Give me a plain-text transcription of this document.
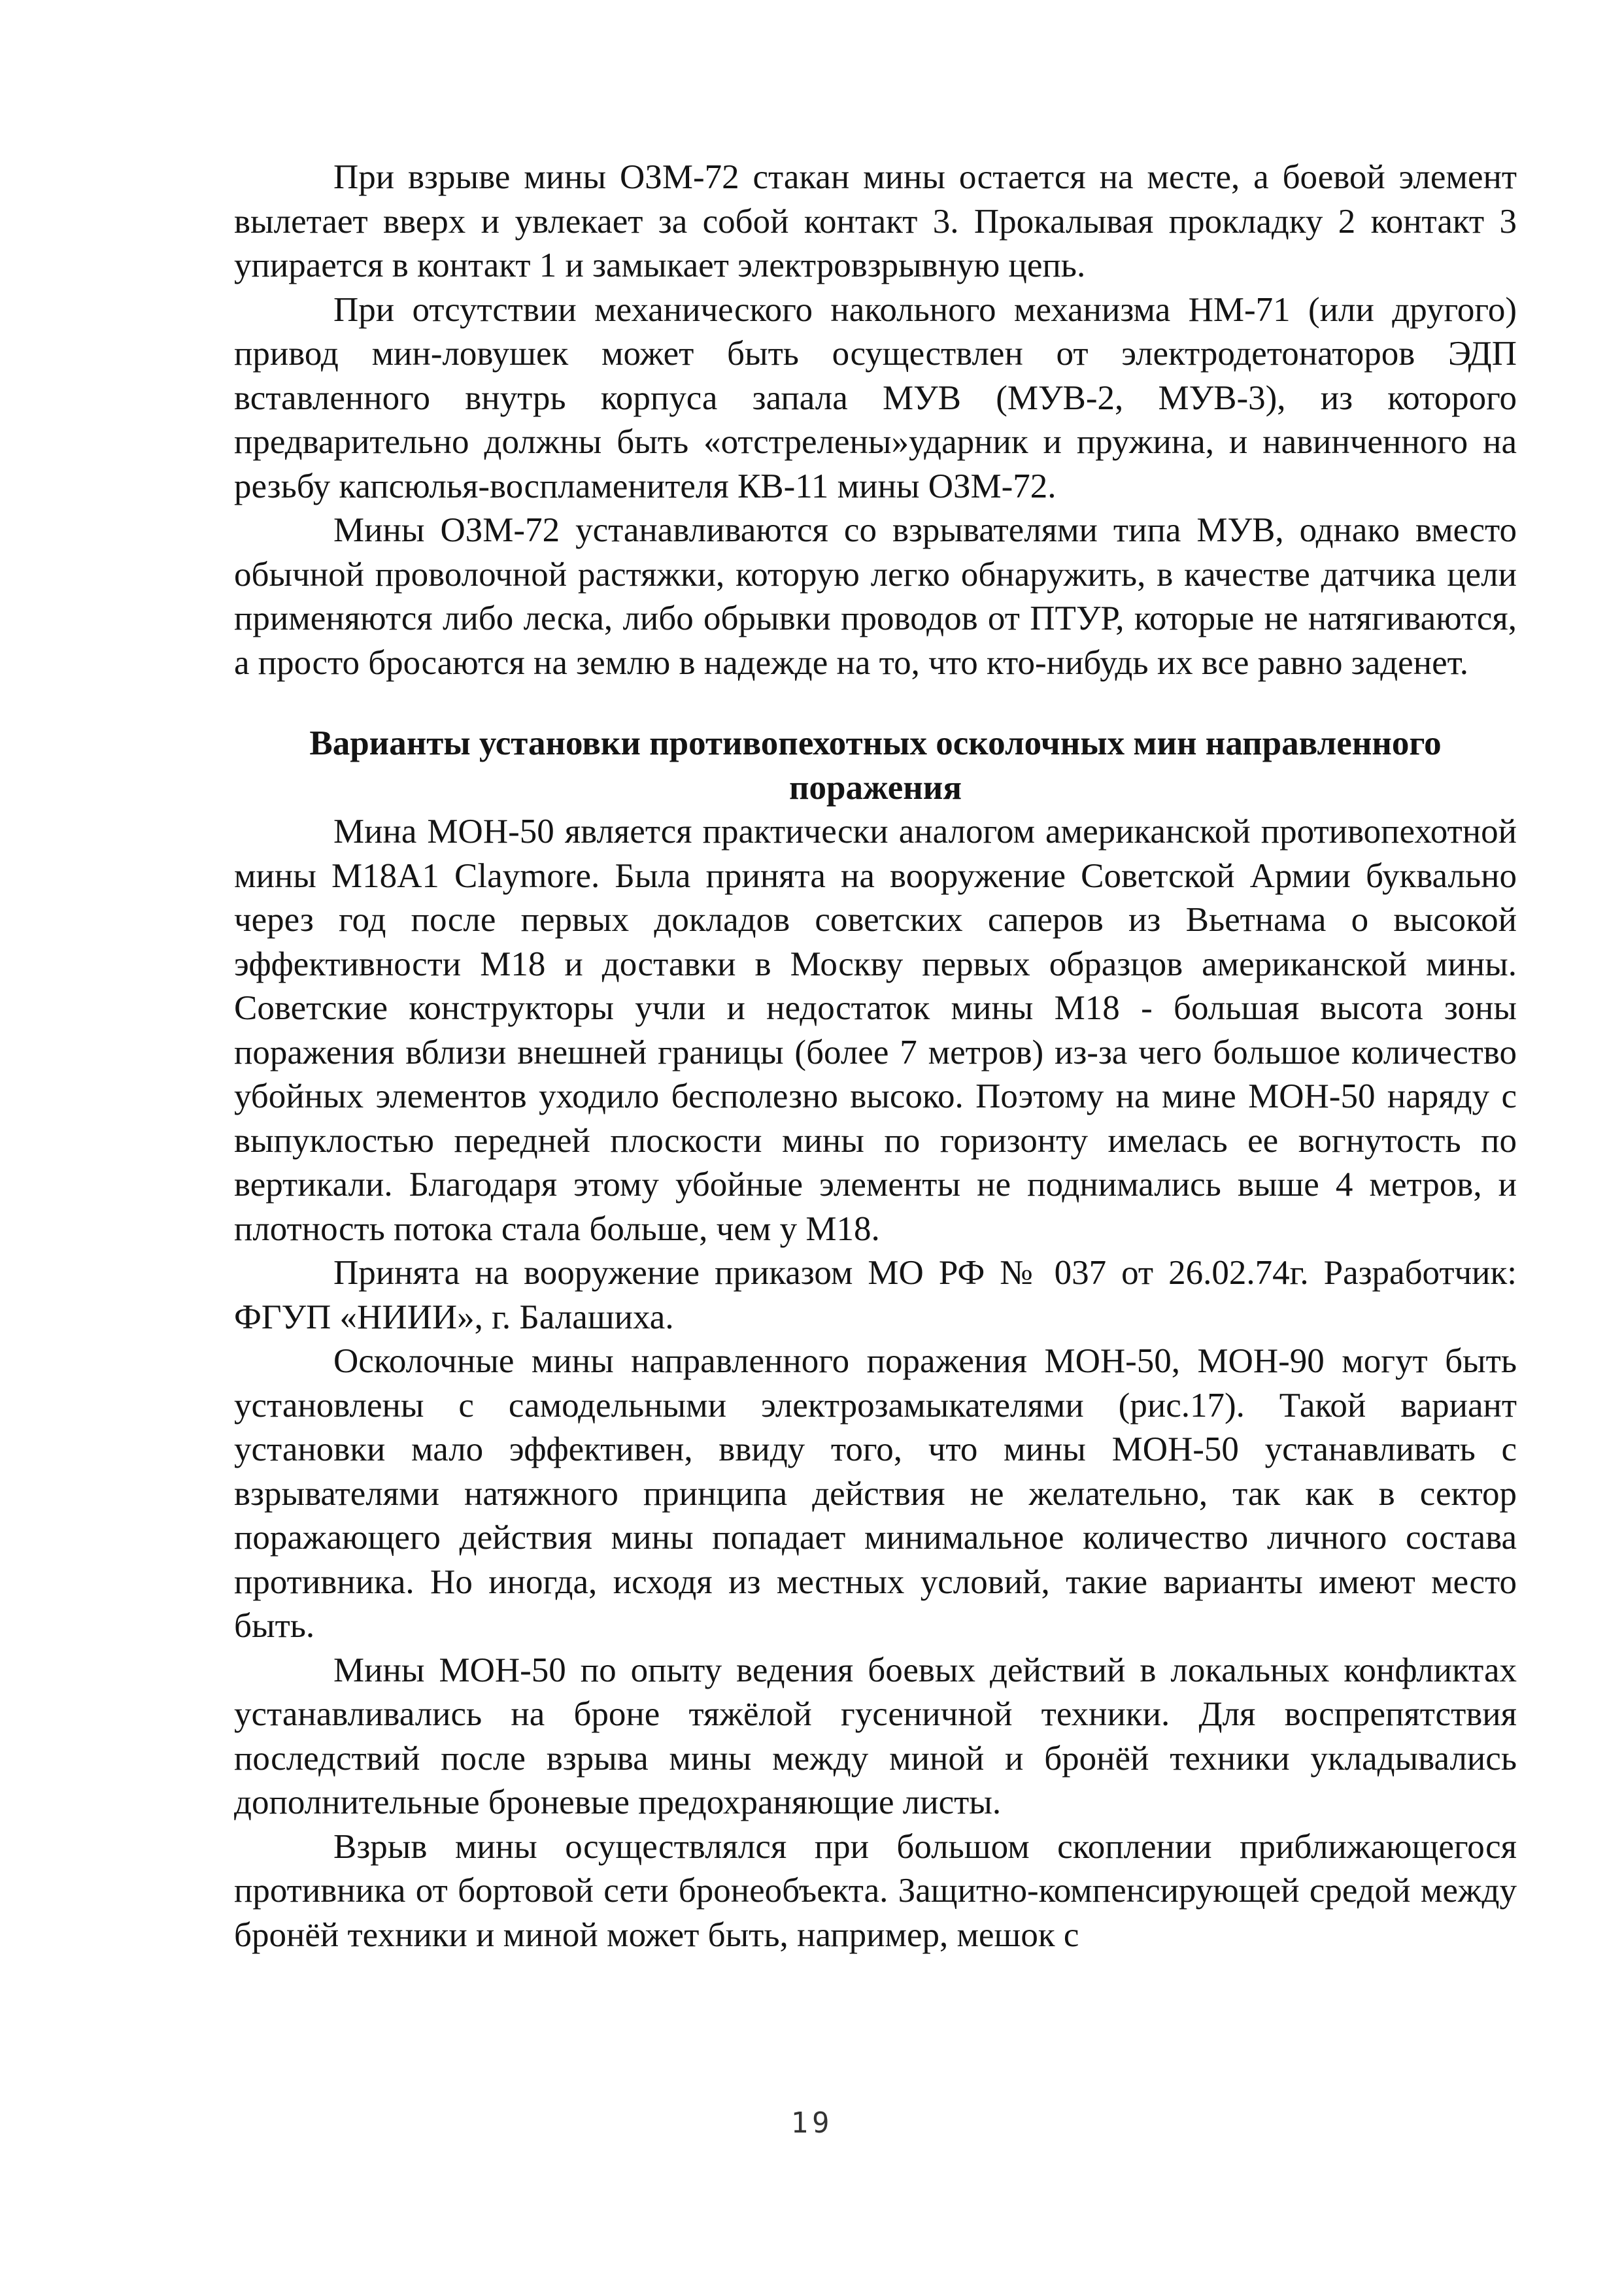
При взрыве мины ОЗМ-72 стакан мины остается на месте, а боевой элемент вылетает вверх и увлекает за собой контакт 3. Прокалывая прокладку 2 контакт 3 упирается в контакт 1 и замыкает электровзрывную цепь.

При отсутствии механического накольного механизма НМ-71 (или другого) привод мин-ловушек может быть осуществлен от электродетонаторов ЭДП вставленного внутрь корпуса запала МУВ (МУВ-2, МУВ-3), из которого предварительно должны быть «отстрелены»ударник и пружина, и навинченного на резьбу капсюлья-воспламенителя КВ-11 мины ОЗМ-72.

Мины ОЗМ-72 устанавливаются со взрывателями типа МУВ, однако вместо обычной проволочной растяжки, которую легко обнаружить, в качестве датчика цели применяются либо леска, либо обрывки проводов от ПТУР, которые не натягиваются, а просто бросаются на землю в надежде на то, что кто-нибудь их все равно заденет.

Варианты установки противопехотных осколочных мин направленного поражения

Мина МОН-50 является практически аналогом американской противопехотной мины M18A1 Claymore. Была принята на вооружение Советской Армии буквально через год после первых докладов советских саперов из Вьетнама о высокой эффективности M18 и доставки в Москву первых образцов американской мины. Советские конструкторы учли и недостаток мины M18 - большая высота зоны поражения вблизи внешней границы (более 7 метров) из-за чего большое количество убойных элементов уходило бесполезно высоко. Поэтому на мине МОН-50 наряду с выпуклостью передней плоскости мины по горизонту имелась ее вогнутость по вертикали. Благодаря этому убойные элементы не поднимались выше 4 метров, и плотность потока стала больше, чем у M18.

Принята на вооружение приказом МО РФ № 037 от 26.02.74г. Разработчик: ФГУП «НИИИ», г. Балашиха.

Осколочные мины направленного поражения МОН-50, МОН-90 могут быть установлены с самодельными электрозамыкателями (рис.17). Такой вариант установки мало эффективен, ввиду того, что мины МОН-50 устанавливать с взрывателями натяжного принципа действия не желательно, так как в сектор поражающего действия мины попадает минимальное количество личного состава противника. Но иногда, исходя из местных условий, такие варианты имеют место быть.

Мины МОН-50 по опыту ведения боевых действий в локальных конфликтах устанавливались на броне тяжёлой гусеничной техники. Для воспрепятствия последствий после взрыва мины между миной и бронёй техники укладывались дополнительные броневые предохраняющие листы.

Взрыв мины осуществлялся при большом скоплении приближающегося противника от бортовой сети бронеобъекта. Защитно-компенсирующей средой между бронёй техники и миной может быть, например, мешок с

19
